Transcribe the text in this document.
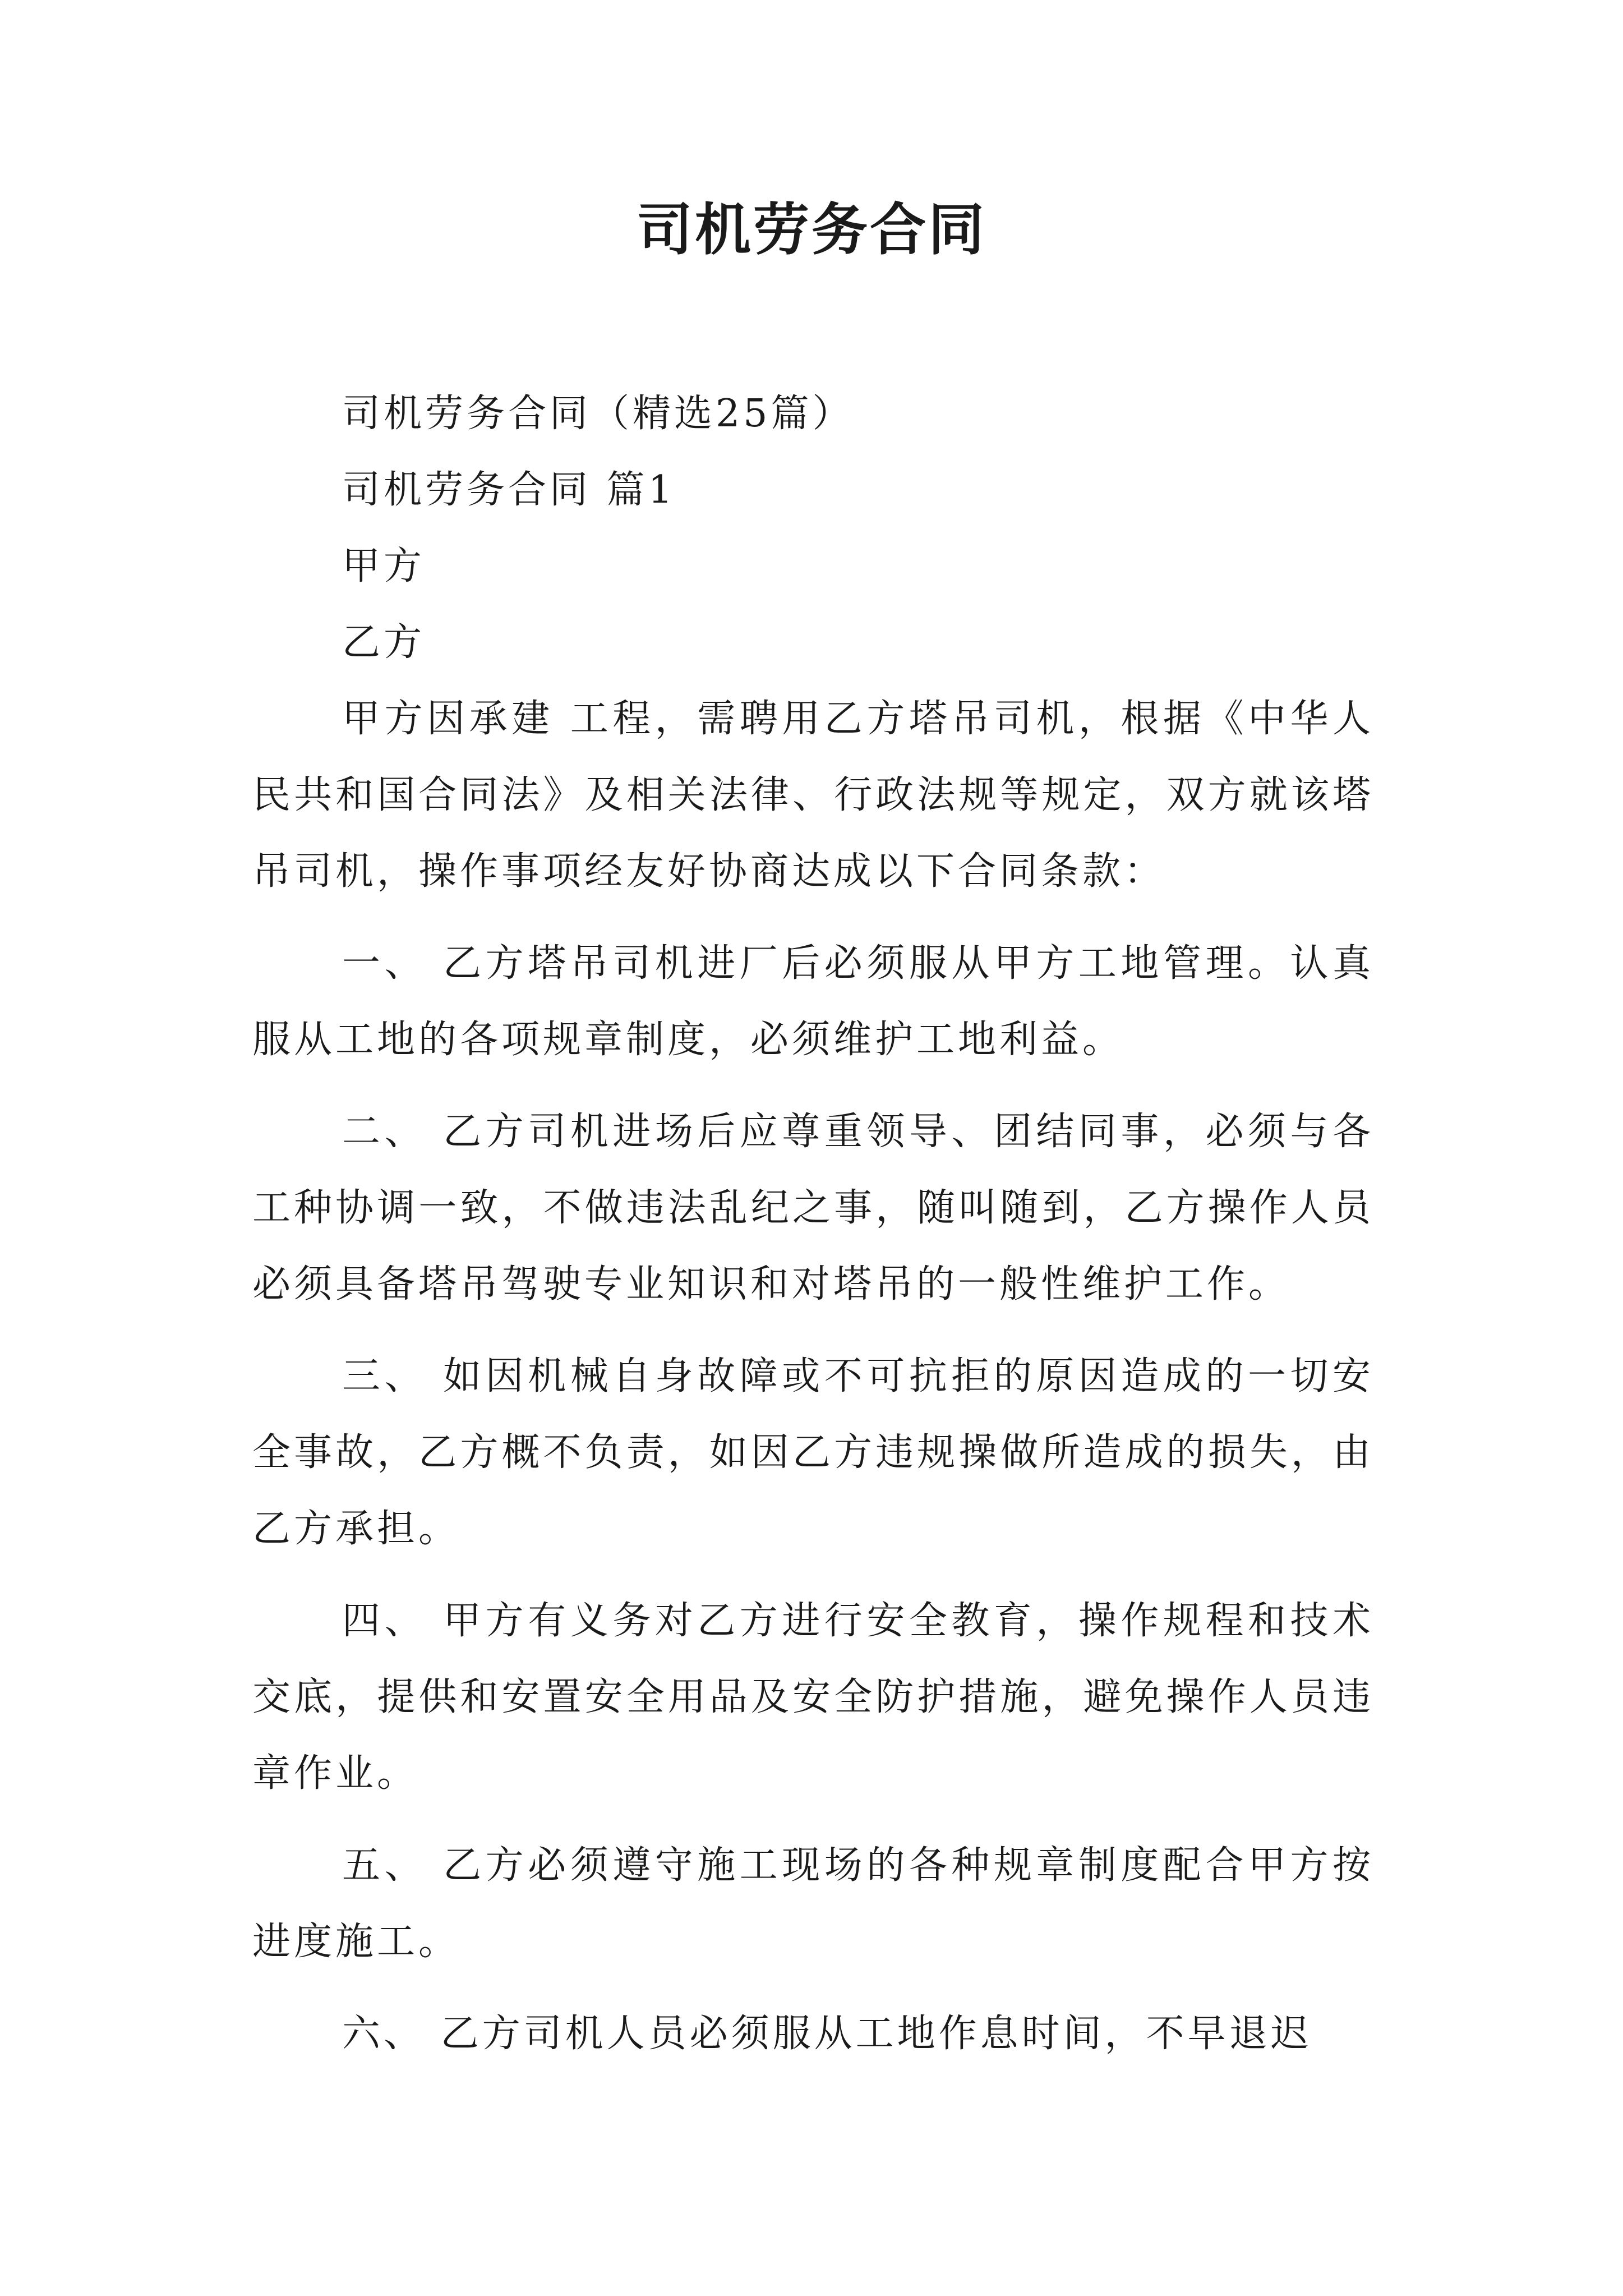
司机劳务合同

司机劳务合同（精选25篇）

司机劳务合同 篇1

甲方

乙方

甲方因承建 工程，需聘用乙方塔吊司机，根据《中华人民共和国合同法》及相关法律、行政法规等规定，双方就该塔吊司机，操作事项经友好协商达成以下合同条款：

一、 乙方塔吊司机进厂后必须服从甲方工地管理。认真服从工地的各项规章制度，必须维护工地利益。

二、 乙方司机进场后应尊重领导、团结同事，必须与各工种协调一致，不做违法乱纪之事，随叫随到，乙方操作人员必须具备塔吊驾驶专业知识和对塔吊的一般性维护工作。

三、 如因机械自身故障或不可抗拒的原因造成的一切安全事故，乙方概不负责，如因乙方违规操做所造成的损失，由乙方承担。

四、 甲方有义务对乙方进行安全教育，操作规程和技术交底，提供和安置安全用品及安全防护措施，避免操作人员违章作业。

五、 乙方必须遵守施工现场的各种规章制度配合甲方按进度施工。

六、 乙方司机人员必须服从工地作息时间，不早退迟
